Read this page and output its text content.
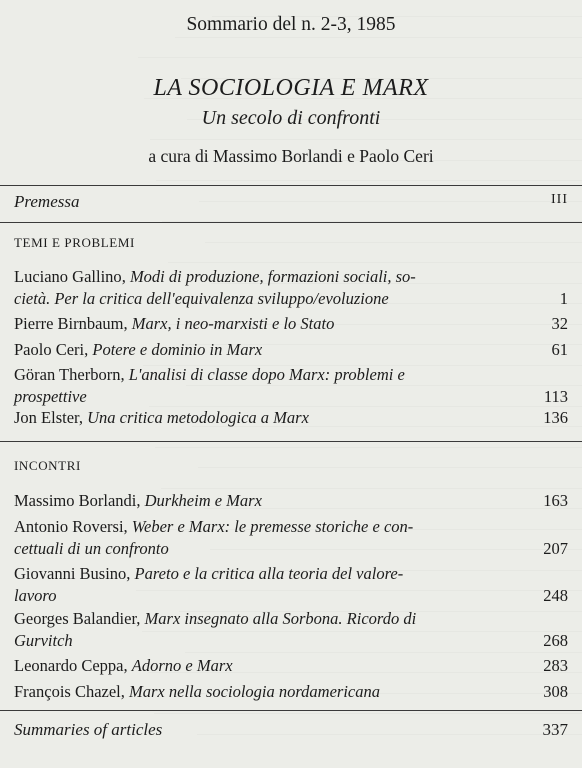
Sommario del n. 2-3, 1985
LA SOCIOLOGIA E MARX
Un secolo di confronti
a cura di Massimo Borlandi e Paolo Ceri
Premessa	III
TEMI E PROBLEMI
Luciano Gallino, Modi di produzione, formazioni sociali, so-
cietà. Per la critica dell'equivalenza sviluppo/evoluzione	1
Pierre Birnbaum, Marx, i neo-marxisti e lo Stato	32
Paolo Ceri, Potere e dominio in Marx	61
Göran Therborn, L'analisi di classe dopo Marx: problemi e
prospettive	113
Jon Elster, Una critica metodologica a Marx	136
INCONTRI
Massimo Borlandi, Durkheim e Marx	163
Antonio Roversi, Weber e Marx: le premesse storiche e con-
cettuali di un confronto	207
Giovanni Busino, Pareto e la critica alla teoria del valore-
lavoro	248
Georges Balandier, Marx insegnato alla Sorbona. Ricordo di
Gurvitch	268
Leonardo Ceppa, Adorno e Marx	283
François Chazel, Marx nella sociologia nordamericana	308
Summaries of articles	337
